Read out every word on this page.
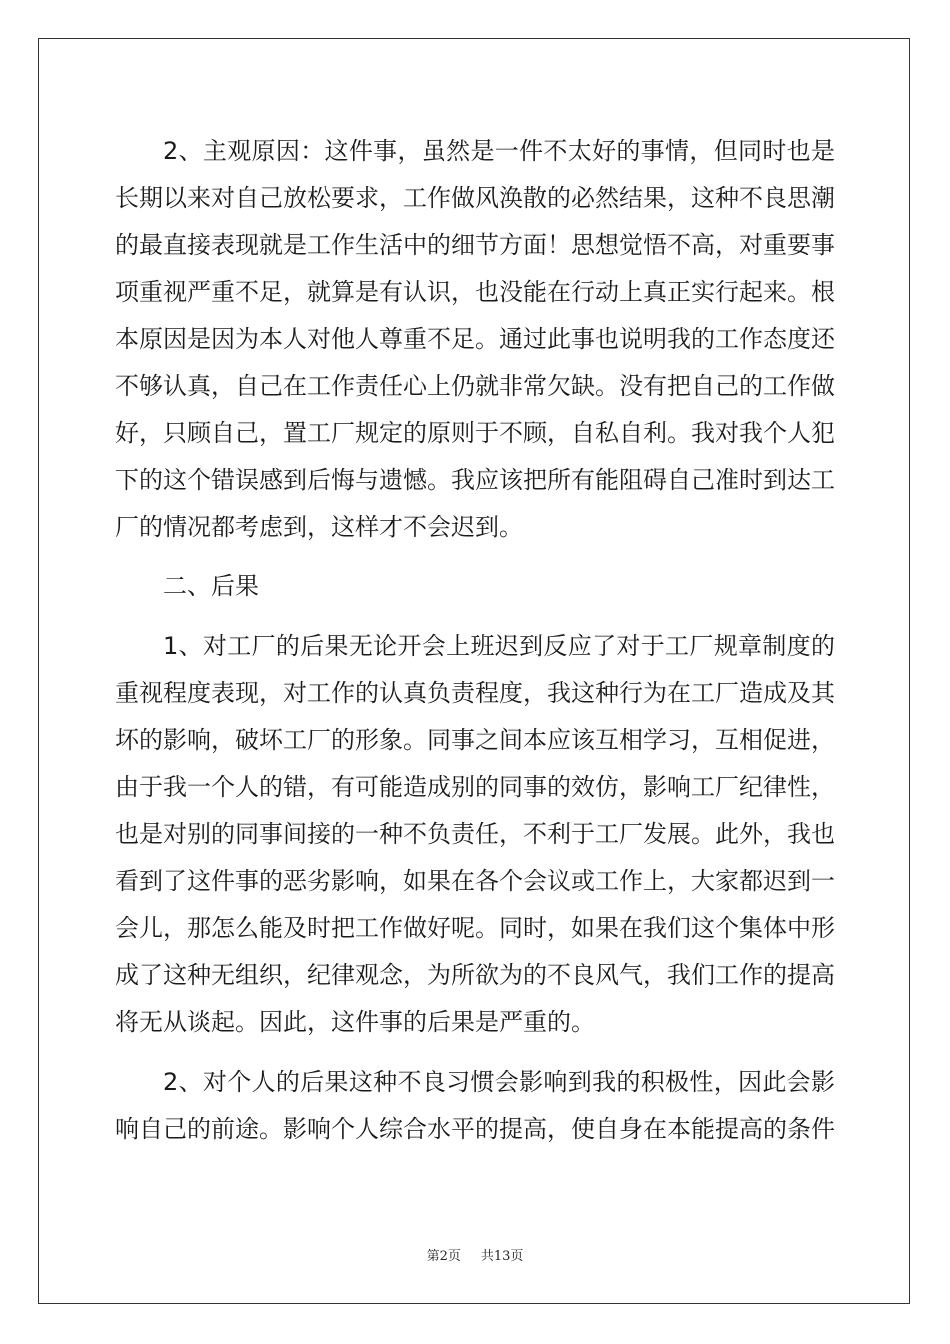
2、主观原因：这件事，虽然是一件不太好的事情，但同时也是
长期以来对自己放松要求，工作做风涣散的必然结果，这种不良思潮
的最直接表现就是工作生活中的细节方面！思想觉悟不高，对重要事
项重视严重不足，就算是有认识，也没能在行动上真正实行起来。根
本原因是因为本人对他人尊重不足。通过此事也说明我的工作态度还
不够认真，自己在工作责任心上仍就非常欠缺。没有把自己的工作做
好，只顾自己，置工厂规定的原则于不顾，自私自利。我对我个人犯
下的这个错误感到后悔与遗憾。我应该把所有能阻碍自己准时到达工
厂的情况都考虑到，这样才不会迟到。
二、后果
1、对工厂的后果无论开会上班迟到反应了对于工厂规章制度的
重视程度表现，对工作的认真负责程度，我这种行为在工厂造成及其
坏的影响，破坏工厂的形象。同事之间本应该互相学习，互相促进，
由于我一个人的错，有可能造成别的同事的效仿，影响工厂纪律性，
也是对别的同事间接的一种不负责任，不利于工厂发展。此外，我也
看到了这件事的恶劣影响，如果在各个会议或工作上，大家都迟到一
会儿，那怎么能及时把工作做好呢。同时，如果在我们这个集体中形
成了这种无组织，纪律观念，为所欲为的不良风气，我们工作的提高
将无从谈起。因此，这件事的后果是严重的。
2、对个人的后果这种不良习惯会影响到我的积极性，因此会影
响自己的前途。影响个人综合水平的提高，使自身在本能提高的条件
第2页 共13页
